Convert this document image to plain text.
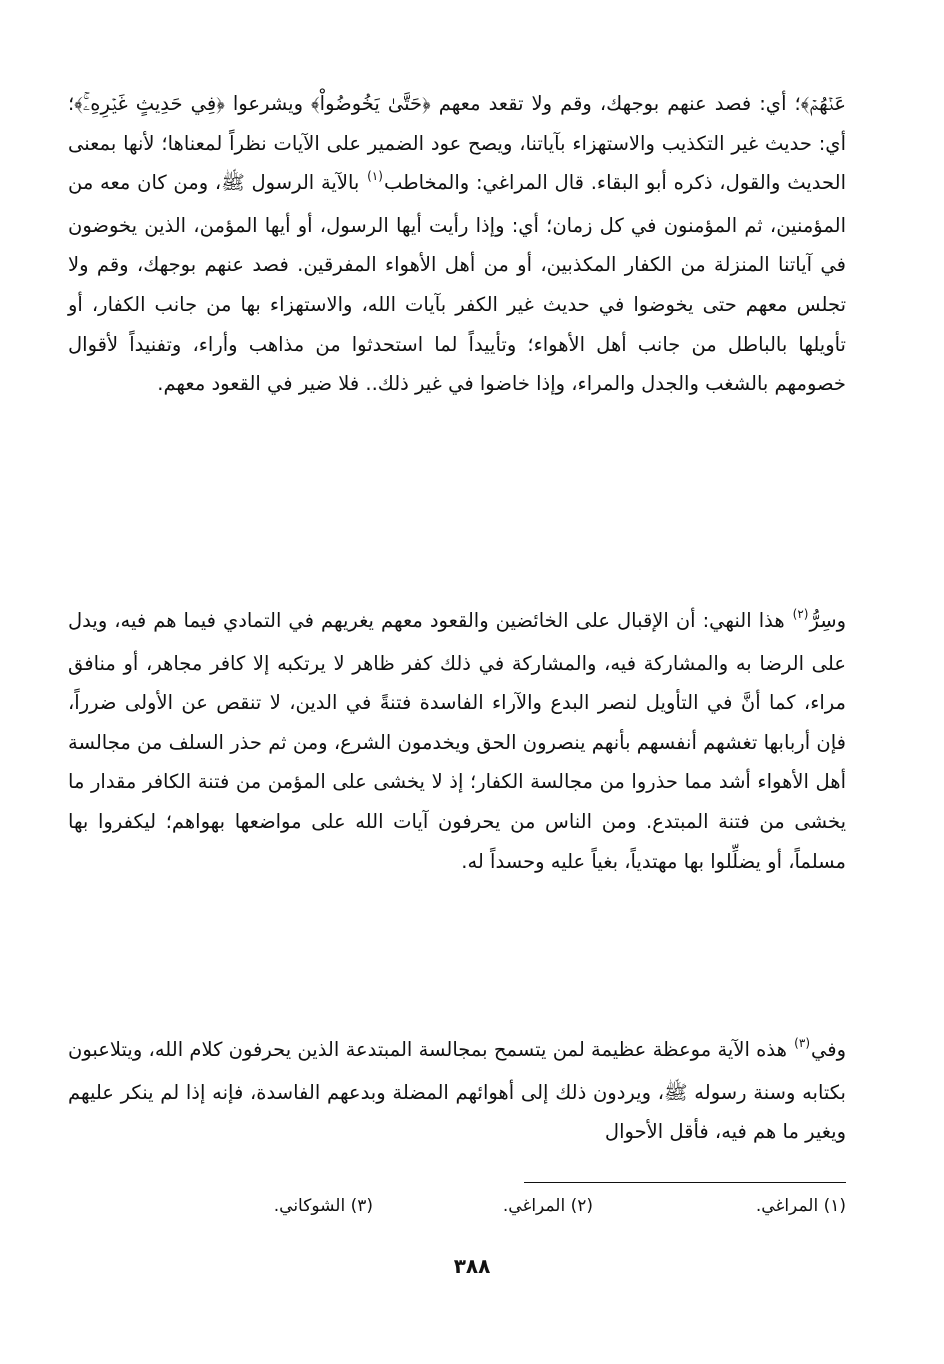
عَنۡهُمۡ﴾؛ أي: فصد عنهم بوجهك، وقم ولا تقعد معهم ﴿حَتَّىٰ يَخُوضُواْ﴾ ويشرعوا ﴿فِي حَدِيثٍ غَيۡرِهِۦۚ﴾؛ أي: حديث غير التكذيب والاستهزاء بآياتنا، ويصح عود الضمير على الآيات نظراً لمعناها؛ لأنها بمعنى الحديث والقول، ذكره أبو البقاء. قال المراغي: والمخاطب$^{(١)}$ بالآية الرسول ﷺ، ومن كان معه من المؤمنين، ثم المؤمنون في كل زمان؛ أي: وإذا رأيت أيها الرسول، أو أيها المؤمن، الذين يخوضون في آياتنا المنزلة من الكفار المكذبين، أو من أهل الأهواء المفرقين. فصد عنهم بوجهك، وقم ولا تجلس معهم حتى يخوضوا في حديث غير الكفر بآيات الله، والاستهزاء بها من جانب الكفار، أو تأويلها بالباطل من جانب أهل الأهواء؛ وتأييداً لما استحدثوا من مذاهب وأراء، وتفنيداً لأقوال خصومهم بالشغب والجدل والمراء، وإذا خاضوا في غير ذلك.. فلا ضير في القعود معهم.

وسِرُّ$^{(٢)}$ هذا النهي: أن الإقبال على الخائضين والقعود معهم يغريهم في التمادي فيما هم فيه، ويدل على الرضا به والمشاركة فيه، والمشاركة في ذلك كفر ظاهر لا يرتكبه إلا كافر مجاهر، أو منافق مراء، كما أنَّ في التأويل لنصر البدع والآراء الفاسدة فتنةً في الدين، لا تنقص عن الأولى ضرراً، فإن أربابها تغشهم أنفسهم بأنهم ينصرون الحق ويخدمون الشرع، ومن ثم حذر السلف من مجالسة أهل الأهواء أشد مما حذروا من مجالسة الكفار؛ إذ لا يخشى على المؤمن من فتنة الكافر مقدار ما يخشى من فتنة المبتدع. ومن الناس من يحرفون آيات الله على مواضعها بهواهم؛ ليكفروا بها مسلماً، أو يضلِّلوا بها مهتدياً، بغياً عليه وحسداً له.

وفي$^{(٣)}$ هذه الآية موعظة عظيمة لمن يتسمح بمجالسة المبتدعة الذين يحرفون كلام الله، ويتلاعبون بكتابه وسنة رسوله ﷺ، ويردون ذلك إلى أهوائهم المضلة وبدعهم الفاسدة، فإنه إذا لم ينكر عليهم ويغير ما هم فيه، فأقل الأحوال

(١) المراغي.
(٢) المراغي.
(٣) الشوكاني.
٣٨٨
